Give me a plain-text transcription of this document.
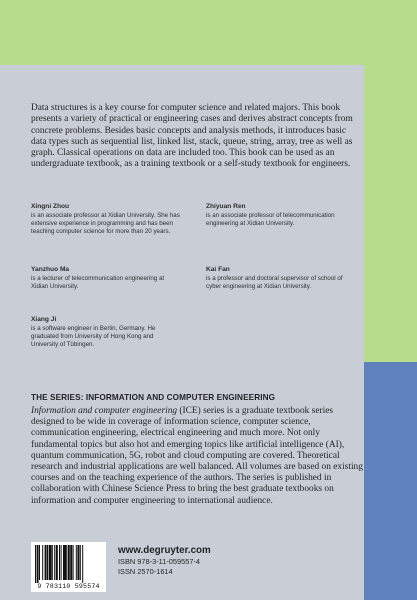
Data structures is a key course for computer science and related majors. This book presents a variety of practical or engineering cases and derives abstract concepts from concrete problems. Besides basic concepts and analysis methods, it introduces basic data types such as sequential list, linked list, stack, queue, string, array, tree as well as graph. Classical operations on data are included too. This book can be used as an undergraduate textbook, as a training textbook or a self-study textbook for engineers.

Xingni Zhou
is an associate professor at Xidian University. She has extensive experience in programming and has been teaching computer science for more than 20 years.
Zhiyuan Ren
is an associate professor of telecommunication engineering at Xidian University.
Yanzhuo Ma
is a lecturer of telecommunication engineering at Xidian University.
Kai Fan
is a professor and doctoral supervisor of school of cyber engineering at Xidian University.
Xiang Ji
is a software engineer in Berlin, Germany. He graduated from University of Hong Kong and University of Tübingen.
THE SERIES: INFORMATION AND COMPUTER ENGINEERING

Information and computer engineering (ICE) series is a graduate textbook series designed to be wide in coverage of information science, computer science, communication engineering, electrical engineering and much more. Not only fundamental topics but also hot and emerging topics like artificial intelligence (AI), quantum communication, 5G, robot and cloud computing are covered. Theoretical research and industrial applications are well balanced. All volumes are based on existing courses and on the teaching experience of the authors. The series is published in collaboration with Chinese Science Press to bring the best graduate textbooks on information and computer engineering to international audience.

9 783110 595574
www.degruyter.com
ISBN 978-3-11-059557-4
ISSN 2570-1614
